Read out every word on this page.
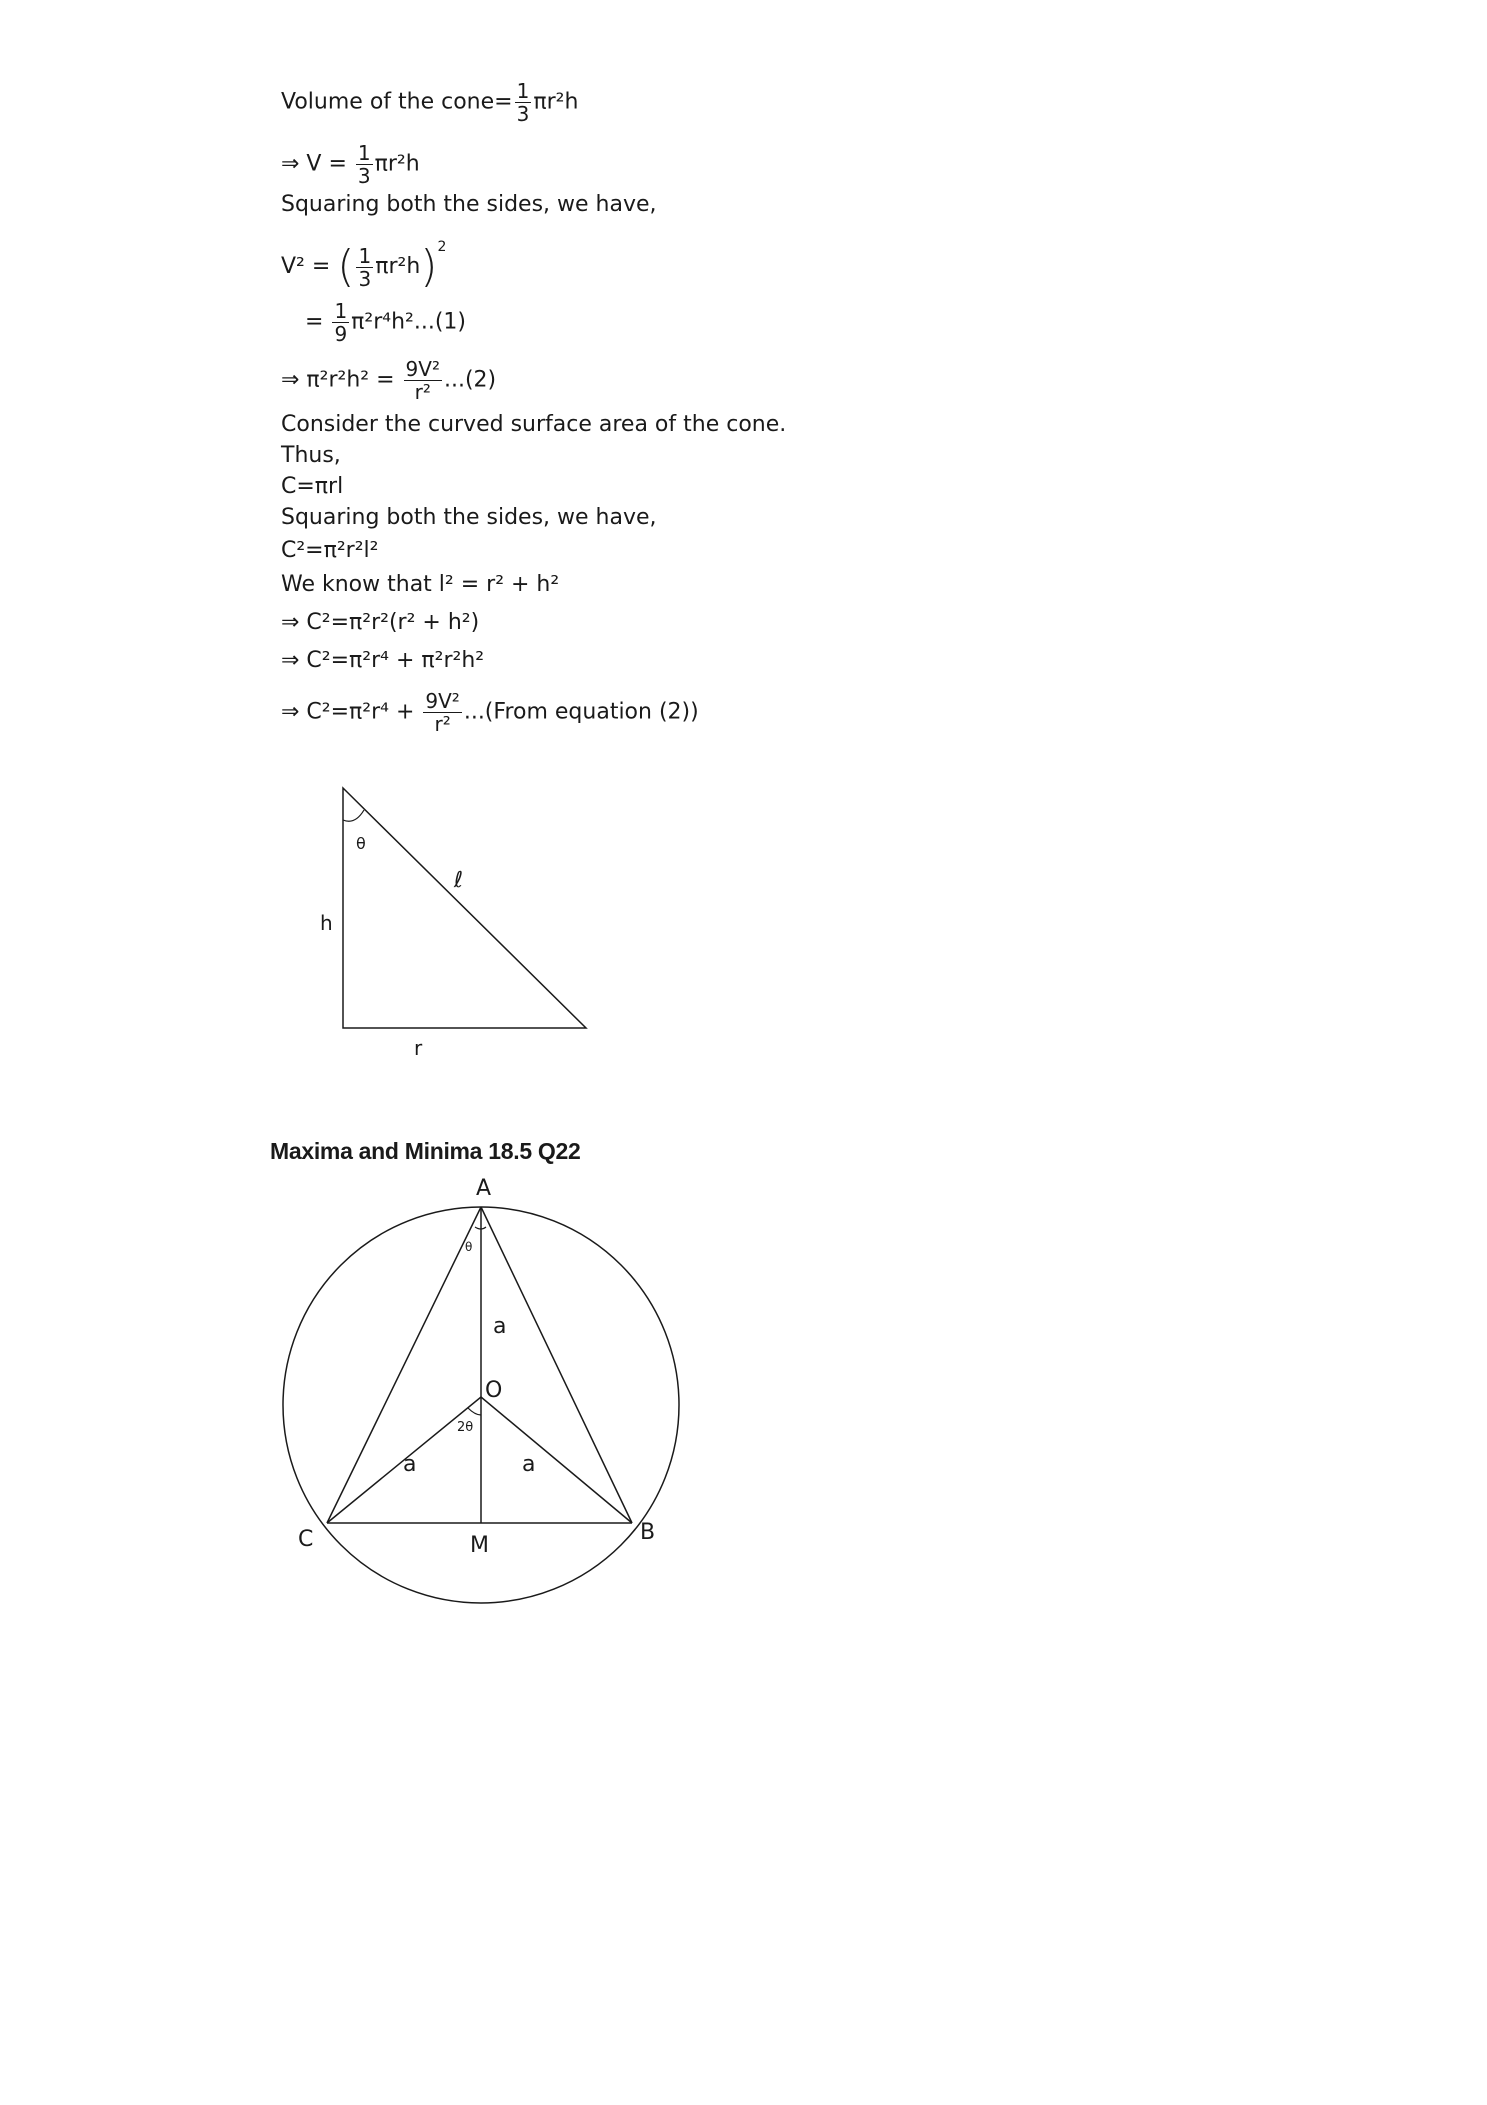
Volume of the cone= $\frac{1}{3} \pi r^2h$
⇒ $V = \frac{1}{3} \pi r^2h$
Squaring both the sides, we have,
V² = ( $\frac{1}{3} \pi r^2h)^2$
= $\frac{1}{9} \pi^2r^4h^2...(1)$
⇒ $\pi^2r^2h^2 = \frac{\text{9V²}}{\text{r²}} ...(2)$
Consider the curved surface area of the cone.
Thus,
C=πrl
Squaring both the sides, we have,
C²=π²r²l²
We know that l² = r² + h²
⇒ C²=π²r²(r² + h²)
⇒ C²=π²r⁴ + π²r²h²
⇒ $C^2=\pi^2r^4 + \frac{\text{9V²}}{\text{r²}}$ ...(From equation (2))
θ
ℓ
h
r
Maxima and Minima 18.5 Q22
A
B
C
O
M
θ
2θ
a
a	a
